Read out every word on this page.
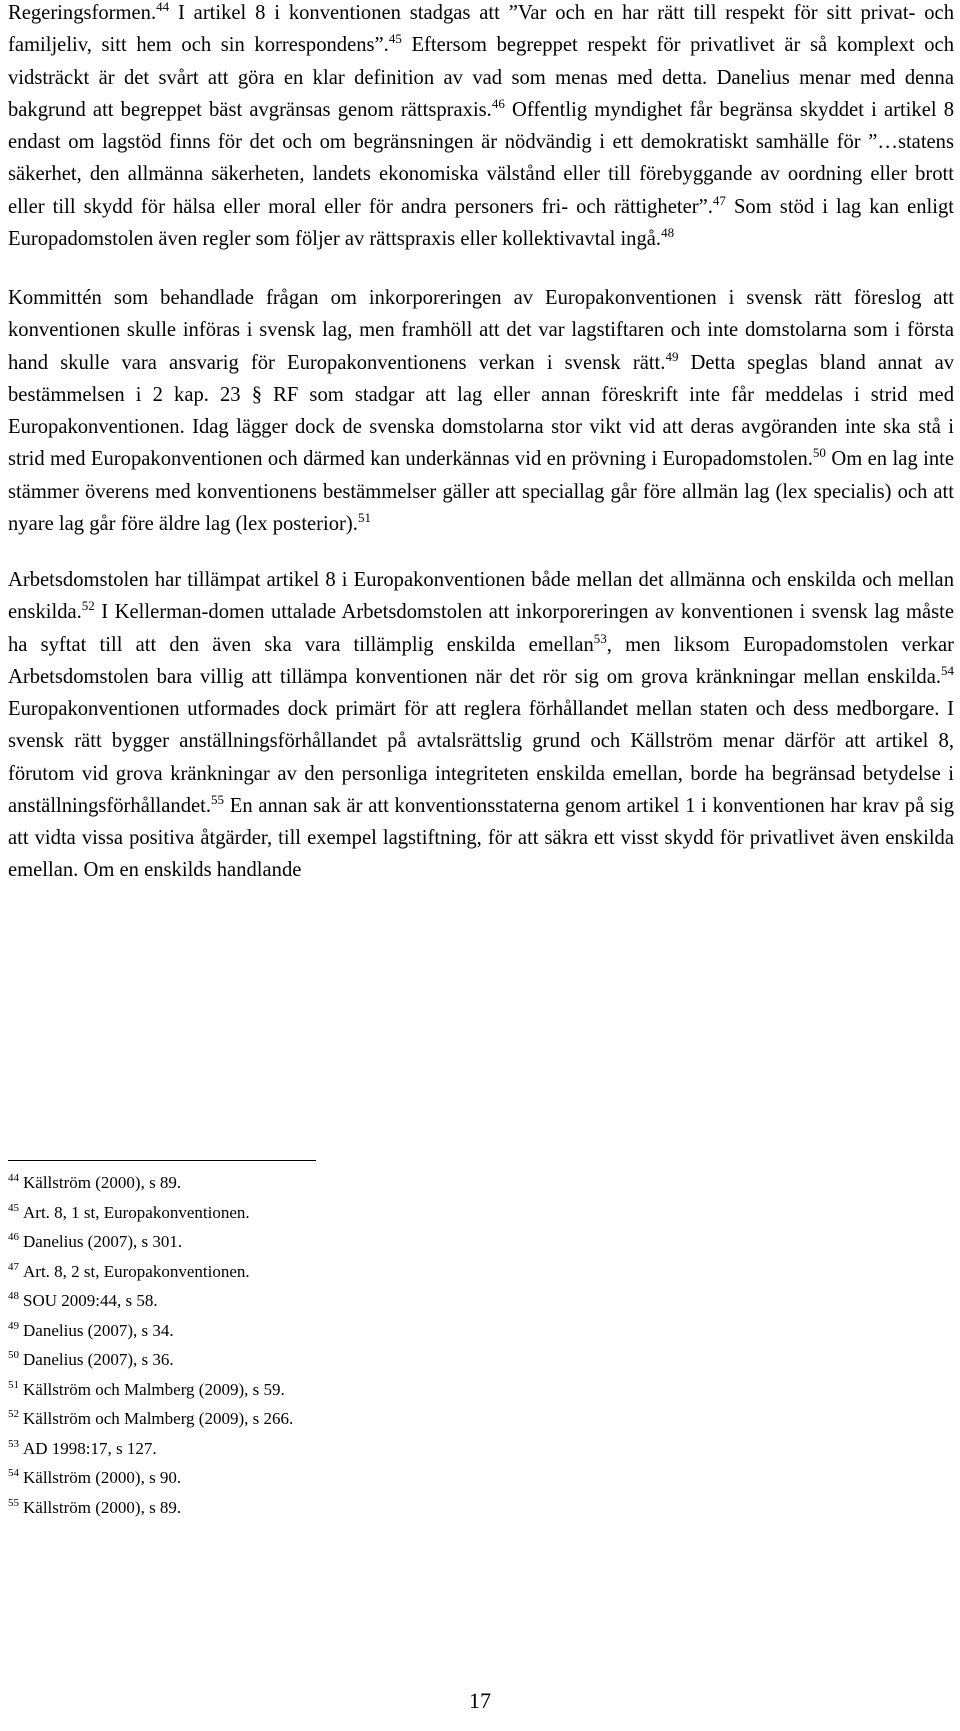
Regeringsformen.$^{44}$ I artikel 8 i konventionen stadgas att ”Var och en har rätt till respekt för sitt privat- och familjeliv, sitt hem och sin korrespondens”.$^{45}$ Eftersom begreppet respekt för privatlivet är så komplext och vidsträckt är det svårt att göra en klar definition av vad som menas med detta. Danelius menar med denna bakgrund att begreppet bäst avgränsas genom rättspraxis.$^{46}$ Offentlig myndighet får begränsa skyddet i artikel 8 endast om lagstöd finns för det och om begränsningen är nödvändig i ett demokratiskt samhälle för ”…statens säkerhet, den allmänna säkerheten, landets ekonomiska välstånd eller till förebyggande av oordning eller brott eller till skydd för hälsa eller moral eller för andra personers fri- och rättigheter”.$^{47}$ Som stöd i lag kan enligt Europadomstolen även regler som följer av rättspraxis eller kollektivavtal ingå.$^{48}$

Kommittén som behandlade frågan om inkorporeringen av Europakonventionen i svensk rätt föreslog att konventionen skulle införas i svensk lag, men framhöll att det var lagstiftaren och inte domstolarna som i första hand skulle vara ansvarig för Europakonventionens verkan i svensk rätt.$^{49}$ Detta speglas bland annat av bestämmelsen i 2 kap. 23 § RF som stadgar att lag eller annan föreskrift inte får meddelas i strid med Europakonventionen. Idag lägger dock de svenska domstolarna stor vikt vid att deras avgöranden inte ska stå i strid med Europakonventionen och därmed kan underkännas vid en prövning i Europadomstolen.$^{50}$ Om en lag inte stämmer överens med konventionens bestämmelser gäller att speciallag går före allmän lag (lex specialis) och att nyare lag går före äldre lag (lex posterior).$^{51}$

Arbetsdomstolen har tillämpat artikel 8 i Europakonventionen både mellan det allmänna och enskilda och mellan enskilda.$^{52}$ I Kellerman-domen uttalade Arbetsdomstolen att inkorporeringen av konventionen i svensk lag måste ha syftat till att den även ska vara tillämplig enskilda emellan$^{53}$, men liksom Europadomstolen verkar Arbetsdomstolen bara villig att tillämpa konventionen när det rör sig om grova kränkningar mellan enskilda.$^{54}$ Europakonventionen utformades dock primärt för att reglera förhållandet mellan staten och dess medborgare. I svensk rätt bygger anställningsförhållandet på avtalsrättslig grund och Källström menar därför att artikel 8, förutom vid grova kränkningar av den personliga integriteten enskilda emellan, borde ha begränsad betydelse i anställningsförhållandet.$^{55}$ En annan sak är att konventionsstaterna genom artikel 1 i konventionen har krav på sig att vidta vissa positiva åtgärder, till exempel lagstiftning, för att säkra ett visst skydd för privatlivet även enskilda emellan. Om en enskilds handlande

$^{44}$ Källström (2000), s 89.
$^{45}$ Art. 8, 1 st, Europakonventionen.
$^{46}$ Danelius (2007), s 301.
$^{47}$ Art. 8, 2 st, Europakonventionen.
$^{48}$ SOU 2009:44, s 58.
$^{49}$ Danelius (2007), s 34.
$^{50}$ Danelius (2007), s 36.
$^{51}$ Källström och Malmberg (2009), s 59.
$^{52}$ Källström och Malmberg (2009), s 266.
$^{53}$ AD 1998:17, s 127.
$^{54}$ Källström (2000), s 90.
$^{55}$ Källström (2000), s 89.
17
